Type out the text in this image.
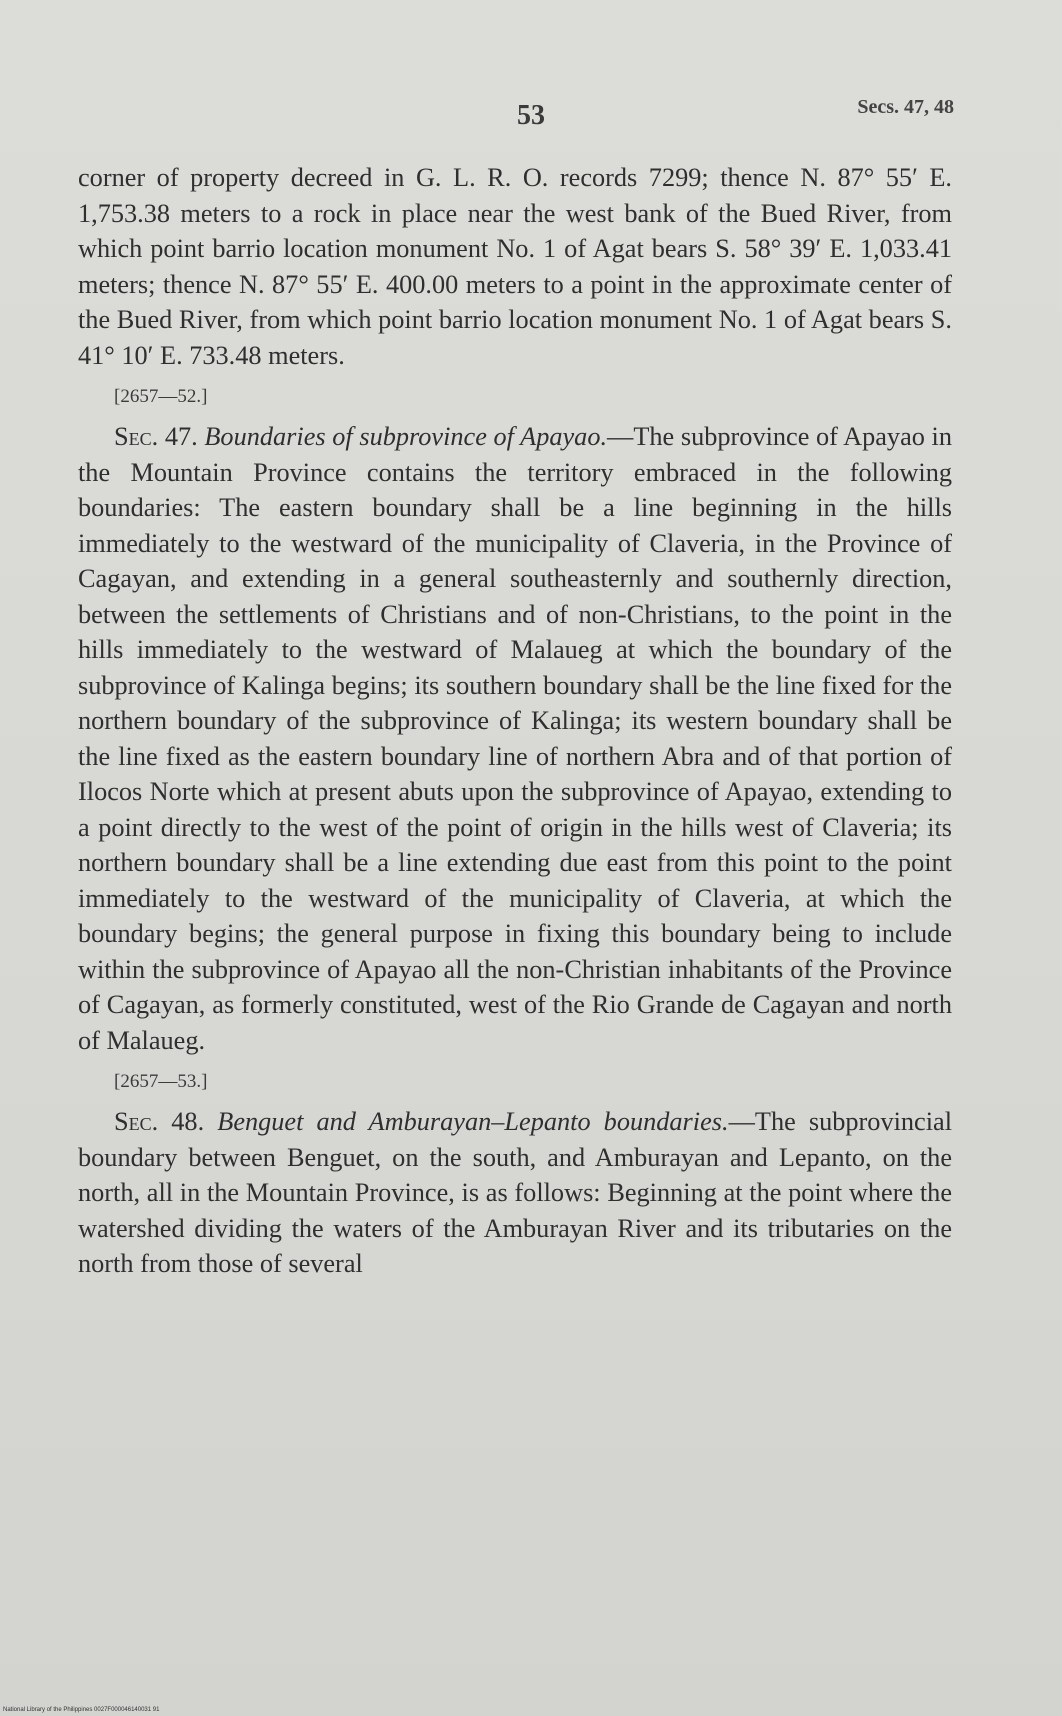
53	Secs. 47, 48

corner of property decreed in G. L. R. O. records 7299; thence N. 87° 55′ E. 1,753.38 meters to a rock in place near the west bank of the Bued River, from which point barrio location monument No. 1 of Agat bears S. 58° 39′ E. 1,033.41 meters; thence N. 87° 55′ E. 400.00 meters to a point in the approximate center of the Bued River, from which point barrio location monument No. 1 of Agat bears S. 41° 10′ E. 733.48 meters.

[2657—52.]

Sec. 47. Boundaries of subprovince of Apayao.—The subprovince of Apayao in the Mountain Province contains the territory embraced in the following boundaries: The eastern boundary shall be a line beginning in the hills immediately to the westward of the municipality of Claveria, in the Province of Cagayan, and extending in a general southeasternly and southernly direction, between the settlements of Christians and of non-Christians, to the point in the hills immediately to the westward of Malaueg at which the boundary of the subprovince of Kalinga begins; its southern boundary shall be the line fixed for the northern boundary of the subprovince of Kalinga; its western boundary shall be the line fixed as the eastern boundary line of northern Abra and of that portion of Ilocos Norte which at present abuts upon the subprovince of Apayao, extending to a point directly to the west of the point of origin in the hills west of Claveria; its northern boundary shall be a line extending due east from this point to the point immediately to the westward of the municipality of Claveria, at which the boundary begins; the general purpose in fixing this boundary being to include within the subprovince of Apayao all the non-Christian inhabitants of the Province of Cagayan, as formerly constituted, west of the Rio Grande de Cagayan and north of Malaueg.

[2657—53.]

Sec. 48. Benguet and Amburayan–Lepanto boundaries.—The subprovincial boundary between Benguet, on the south, and Amburayan and Lepanto, on the north, all in the Mountain Province, is as follows: Beginning at the point where the watershed dividing the waters of the Amburayan River and its tributaries on the north from those of several

National Library of the Philippines 0027F000046140031 91
